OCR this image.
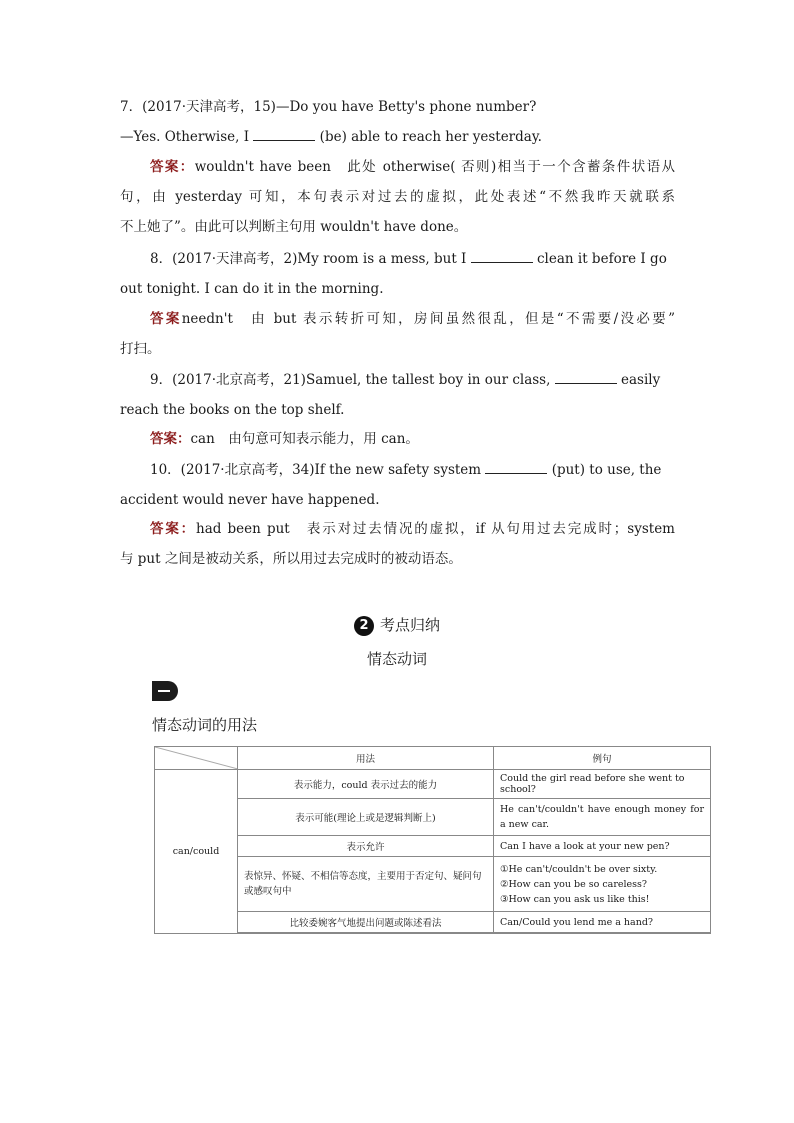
7．(2017·天津高考，15)—Do you have Betty's phone number?
—Yes. Otherwise, I	(be) able to reach her yesterday.
答案：wouldn't have been　此处 otherwise( 否则)相当于一个含蓄条件状语从
句，由 yesterday 可知，本句表示对过去的虚拟，此处表述“不然我昨天就联系
不上她了”。由此可以判断主句用 wouldn't have done。
8．(2017·天津高考，2)My room is a mess, but I	clean it before I go
out tonight. I can do it in the morning.
答案needn't　由 but 表示转折可知，房间虽然很乱，但是“不需要/没必要”
打扫。
9．(2017·北京高考，21)Samuel, the tallest boy in our class,	easily
reach the books on the top shelf.
答案：can　由句意可知表示能力，用 can。
10．(2017·北京高考，34)If the new safety system	(put) to use, the
accident would never have happened.
答案：had been put　表示对过去情况的虚拟，if 从句用过去完成时；system
与 put 之间是被动关系，所以用过去完成时的被动语态。
2 考点归纳
情态动词
情态动词的用法
	用法	例句
can/could	表示能力，could 表示过去的能力	Could the girl read before she went to school?
	表示可能(理论上或是逻辑判断上)	He can't/couldn't have enough money for a new car.
	表示允许	Can I have a look at your new pen?
	表惊异、怀疑、不相信等态度，主要用于否定句、疑问句或感叹句中	①He can't/couldn't be over sixty.
②How can you be so careless?
③How can you ask us like this!

	比较委婉客气地提出问题或陈述看法	Can/Could you lend me a hand?
